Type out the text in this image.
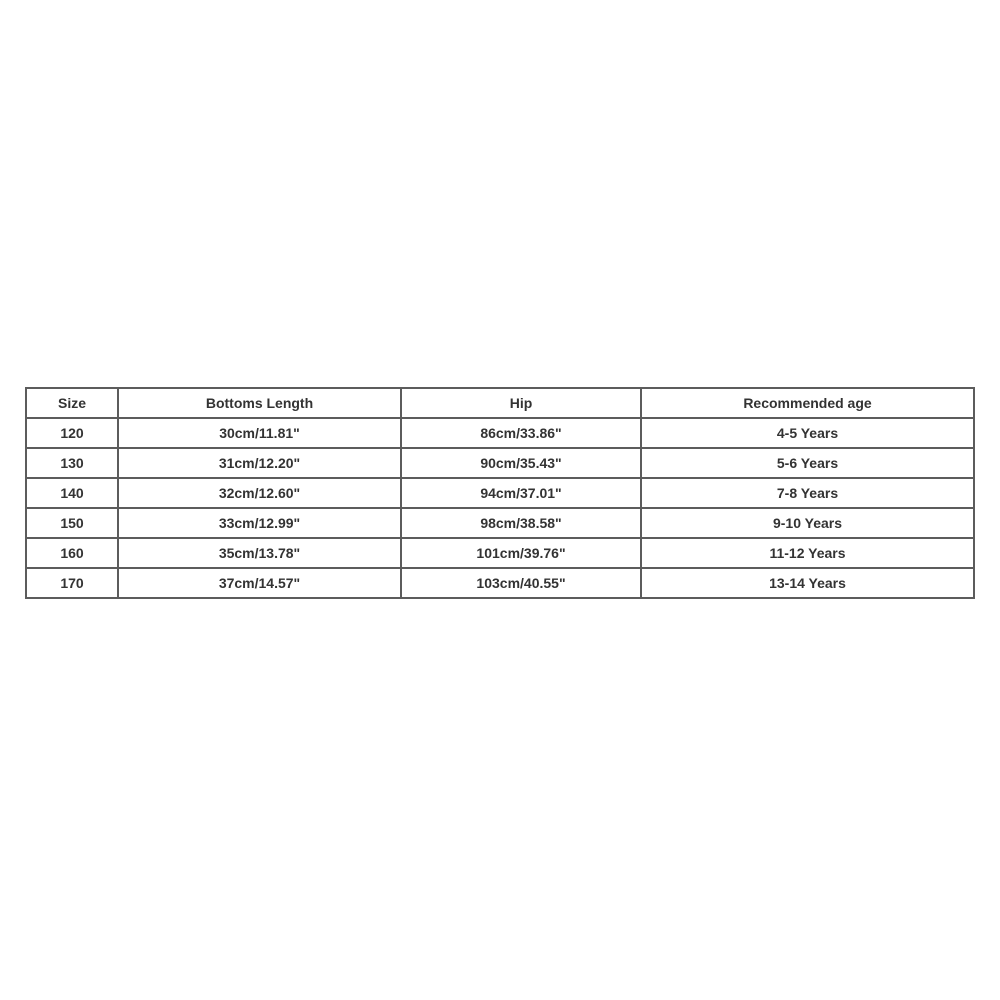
Size	Bottoms Length	Hip	Recommended age
120	30cm/11.81"	86cm/33.86"	4-5 Years
130	31cm/12.20"	90cm/35.43"	5-6 Years
140	32cm/12.60"	94cm/37.01"	7-8 Years
150	33cm/12.99"	98cm/38.58"	9-10 Years
160	35cm/13.78"	101cm/39.76"	11-12 Years
170	37cm/14.57"	103cm/40.55"	13-14 Years
